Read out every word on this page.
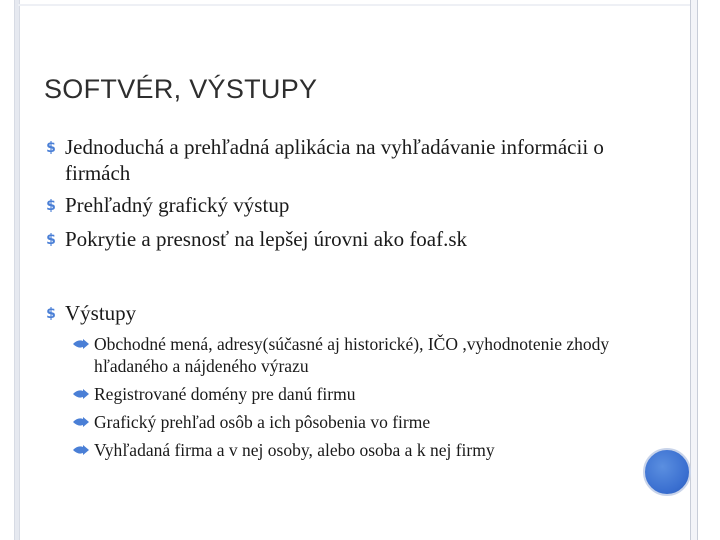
SOFTVÉR, VÝSTUPY
$ Jednoduchá a prehľadná aplikácia na vyhľadávanie informácii o firmách
$ Prehľadný grafický výstup
$ Pokrytie a presnosť na lepšej úrovni ako foaf.sk
$ Výstupy
Obchodné mená, adresy(súčasné aj historické), IČO ,vyhodnotenie zhody hľadaného a nájdeného výrazu
Registrované domény pre danú firmu
Grafický prehľad osôb a ich pôsobenia vo firme
Vyhľadaná firma a v nej osoby, alebo osoba a k nej firmy
